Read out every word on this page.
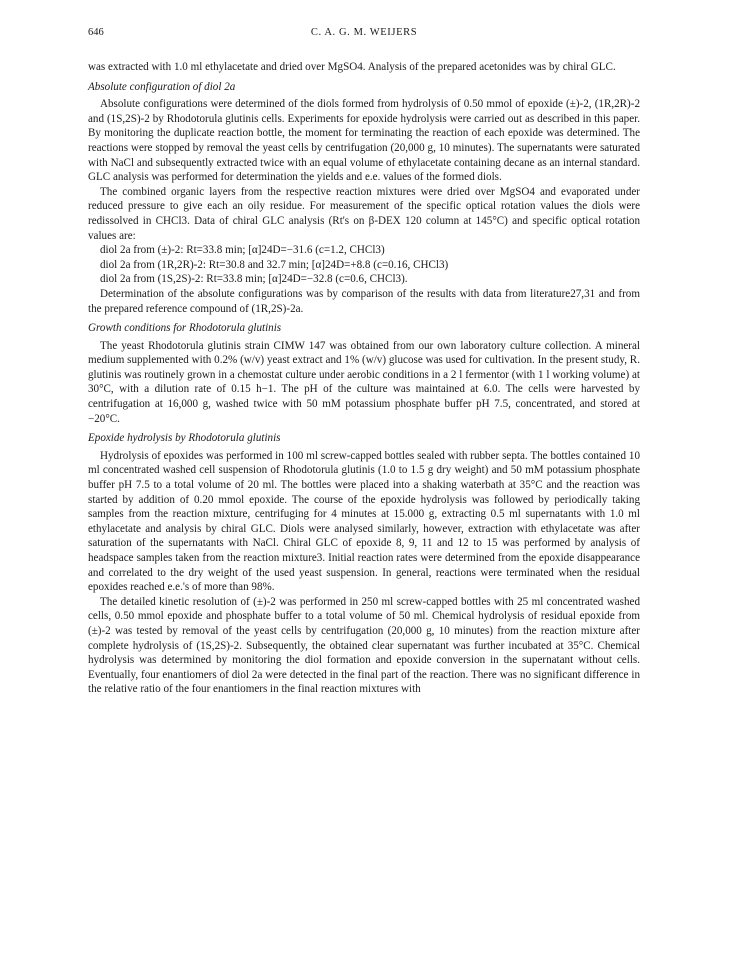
646	C. A. G. M. WEIJERS

was extracted with 1.0 ml ethylacetate and dried over MgSO4. Analysis of the prepared acetonides was by chiral GLC.

Absolute configuration of diol 2a

Absolute configurations were determined of the diols formed from hydrolysis of 0.50 mmol of epoxide (±)-2, (1R,2R)-2 and (1S,2S)-2 by Rhodotorula glutinis cells. Experiments for epoxide hydrolysis were carried out as described in this paper. By monitoring the duplicate reaction bottle, the moment for terminating the reaction of each epoxide was determined. The reactions were stopped by removal the yeast cells by centrifugation (20,000 g, 10 minutes). The supernatants were saturated with NaCl and subsequently extracted twice with an equal volume of ethylacetate containing decane as an internal standard. GLC analysis was performed for determination the yields and e.e. values of the formed diols.

The combined organic layers from the respective reaction mixtures were dried over MgSO4 and evaporated under reduced pressure to give each an oily residue. For measurement of the specific optical rotation values the diols were redissolved in CHCl3. Data of chiral GLC analysis (Rt's on β-DEX 120 column at 145°C) and specific optical rotation values are:

diol 2a from (±)-2: Rt=33.8 min; [α]24D=−31.6 (c=1.2, CHCl3)

diol 2a from (1R,2R)-2: Rt=30.8 and 32.7 min; [α]24D=+8.8 (c=0.16, CHCl3)

diol 2a from (1S,2S)-2: Rt=33.8 min; [α]24D=−32.8 (c=0.6, CHCl3).

Determination of the absolute configurations was by comparison of the results with data from literature27,31 and from the prepared reference compound of (1R,2S)-2a.

Growth conditions for Rhodotorula glutinis

The yeast Rhodotorula glutinis strain CIMW 147 was obtained from our own laboratory culture collection. A mineral medium supplemented with 0.2% (w/v) yeast extract and 1% (w/v) glucose was used for cultivation. In the present study, R. glutinis was routinely grown in a chemostat culture under aerobic conditions in a 2 l fermentor (with 1 l working volume) at 30°C, with a dilution rate of 0.15 h−1. The pH of the culture was maintained at 6.0. The cells were harvested by centrifugation at 16,000 g, washed twice with 50 mM potassium phosphate buffer pH 7.5, concentrated, and stored at −20°C.

Epoxide hydrolysis by Rhodotorula glutinis

Hydrolysis of epoxides was performed in 100 ml screw-capped bottles sealed with rubber septa. The bottles contained 10 ml concentrated washed cell suspension of Rhodotorula glutinis (1.0 to 1.5 g dry weight) and 50 mM potassium phosphate buffer pH 7.5 to a total volume of 20 ml. The bottles were placed into a shaking waterbath at 35°C and the reaction was started by addition of 0.20 mmol epoxide. The course of the epoxide hydrolysis was followed by periodically taking samples from the reaction mixture, centrifuging for 4 minutes at 15.000 g, extracting 0.5 ml supernatants with 1.0 ml ethylacetate and analysis by chiral GLC. Diols were analysed similarly, however, extraction with ethylacetate was after saturation of the supernatants with NaCl. Chiral GLC of epoxide 8, 9, 11 and 12 to 15 was performed by analysis of headspace samples taken from the reaction mixture3. Initial reaction rates were determined from the epoxide disappearance and correlated to the dry weight of the used yeast suspension. In general, reactions were terminated when the residual epoxides reached e.e.'s of more than 98%.

The detailed kinetic resolution of (±)-2 was performed in 250 ml screw-capped bottles with 25 ml concentrated washed cells, 0.50 mmol epoxide and phosphate buffer to a total volume of 50 ml. Chemical hydrolysis of residual epoxide from (±)-2 was tested by removal of the yeast cells by centrifugation (20,000 g, 10 minutes) from the reaction mixture after complete hydrolysis of (1S,2S)-2. Subsequently, the obtained clear supernatant was further incubated at 35°C. Chemical hydrolysis was determined by monitoring the diol formation and epoxide conversion in the supernatant without cells. Eventually, four enantiomers of diol 2a were detected in the final part of the reaction. There was no significant difference in the relative ratio of the four enantiomers in the final reaction mixtures with
